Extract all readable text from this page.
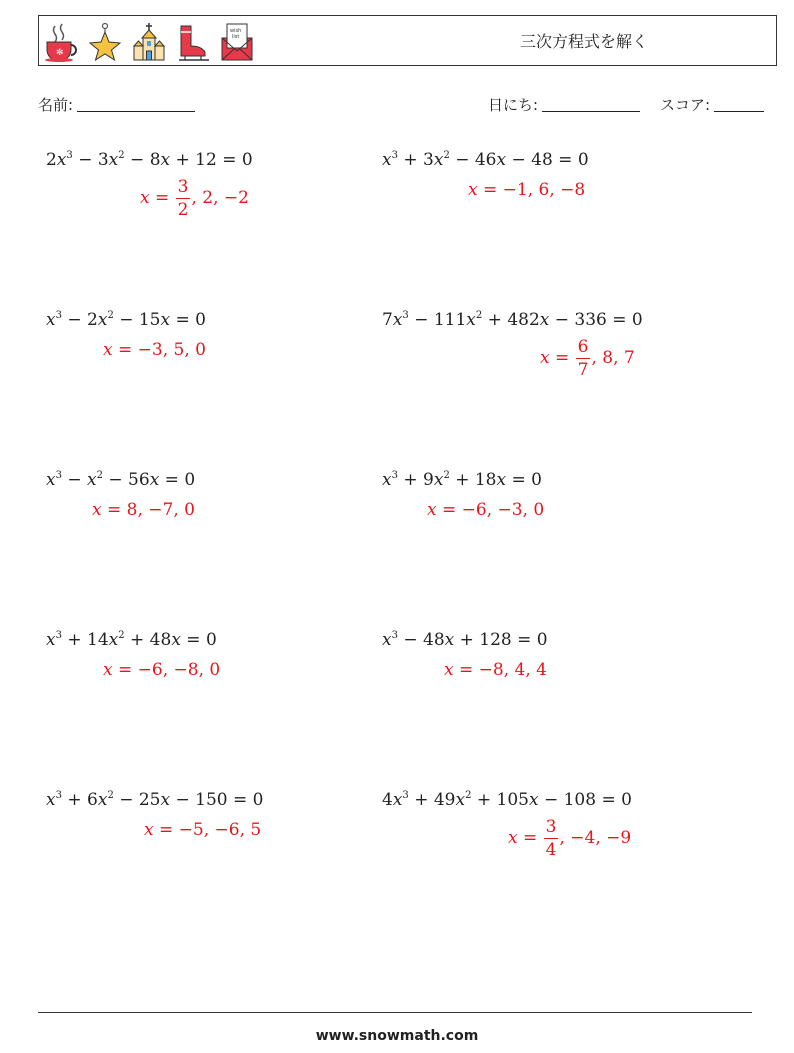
✼
wish
list	三次方程式を解く
名前:	日にち:	スコア:
$2x^3 - 3x^2 - 8x + 12 = 0$
$x = \frac{3}{2}$ , 2, −2
$x^3 + 3x^2 - 46x - 48 = 0$
x = −1, 6, −8
$x^3 - 2x^2 - 15x = 0$
x = −3, 5, 0
$7x^3 - 111x^2 + 482x - 336 = 0$
$x = \frac{6}{7}$ , 8, 7
$x^3 - x^2 - 56x = 0$
x = 8, −7, 0
$x^3 + 9x^2 + 18x = 0$
x = −6, −3, 0
$x^3 + 14x^2 + 48x = 0$
x = −6, −8, 0
$x^3 - 48x + 128 = 0$
x = −8, 4, 4
$x^3 + 6x^2 - 25x - 150 = 0$
x = −5, −6, 5
$4x^3 + 49x^2 + 105x - 108 = 0$
$x = \frac{3}{4}$ , −4, −9
www.snowmath.com
